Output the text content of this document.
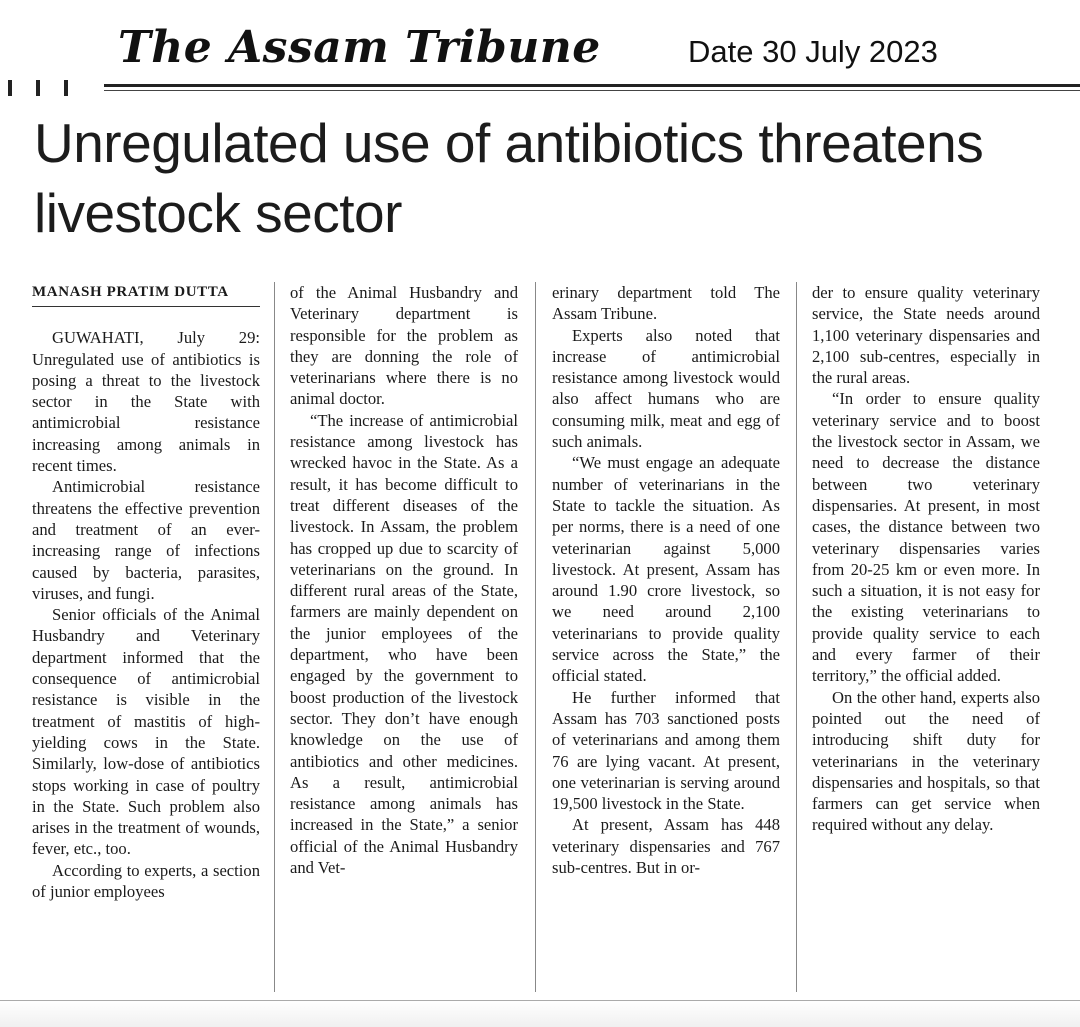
The Assam Tribune	Date 30 July 2023
Unregulated use of antibiotics threatens livestock sector
MANASH PRATIM DUTTA

GUWAHATI, July 29: Unregulated use of antibiotics is posing a threat to the livestock sector in the State with antimicrobial resistance increasing among animals in recent times.

Antimicrobial resistance threatens the effective prevention and treatment of an ever-increasing range of infections caused by bacteria, parasites, viruses, and fungi.

Senior officials of the Animal Husbandry and Veterinary department informed that the consequence of antimicrobial resistance is visible in the treatment of mastitis of high- yielding cows in the State. Similarly, low-dose of antibiotics stops working in case of poultry in the State. Such problem also arises in the treatment of wounds, fever, etc., too.

According to experts, a section of junior employees

of the Animal Husbandry and Veterinary department is responsible for the problem as they are donning the role of veterinarians where there is no animal doctor.

“The increase of antimicrobial resistance among livestock has wrecked havoc in the State. As a result, it has become difficult to treat different diseases of the livestock. In Assam, the problem has cropped up due to scarcity of veterinarians on the ground. In different rural areas of the State, farmers are mainly dependent on the junior employees of the department, who have been engaged by the government to boost production of the livestock sector. They don’t have enough knowledge on the use of antibiotics and other medicines. As a result, antimicrobial resistance among animals has increased in the State,” a senior official of the Animal Husbandry and Vet-

erinary department told The Assam Tribune.

Experts also noted that increase of antimicrobial resistance among livestock would also affect humans who are consuming milk, meat and egg of such animals.

“We must engage an adequate number of veterinarians in the State to tackle the situation. As per norms, there is a need of one veterinarian against 5,000 livestock. At present, Assam has around 1.90 crore livestock, so we need around 2,100 veterinarians to provide quality service across the State,” the official stated.

He further informed that Assam has 703 sanctioned posts of veterinarians and among them 76 are lying vacant. At present, one veterinarian is serving around 19,500 livestock in the State.

At present, Assam has 448 veterinary dispensaries and 767 sub-centres. But in or-

der to ensure quality veterinary service, the State needs around 1,100 veterinary dispensaries and 2,100 sub-centres, especially in the rural areas.

“In order to ensure quality veterinary service and to boost the livestock sector in Assam, we need to decrease the distance between two veterinary dispensaries. At present, in most cases, the distance between two veterinary dispensaries varies from 20-25 km or even more. In such a situation, it is not easy for the existing veterinarians to provide quality service to each and every farmer of their territory,” the official added.

On the other hand, experts also pointed out the need of introducing shift duty for veterinarians in the veterinary dispensaries and hospitals, so that farmers can get service when required without any delay.
